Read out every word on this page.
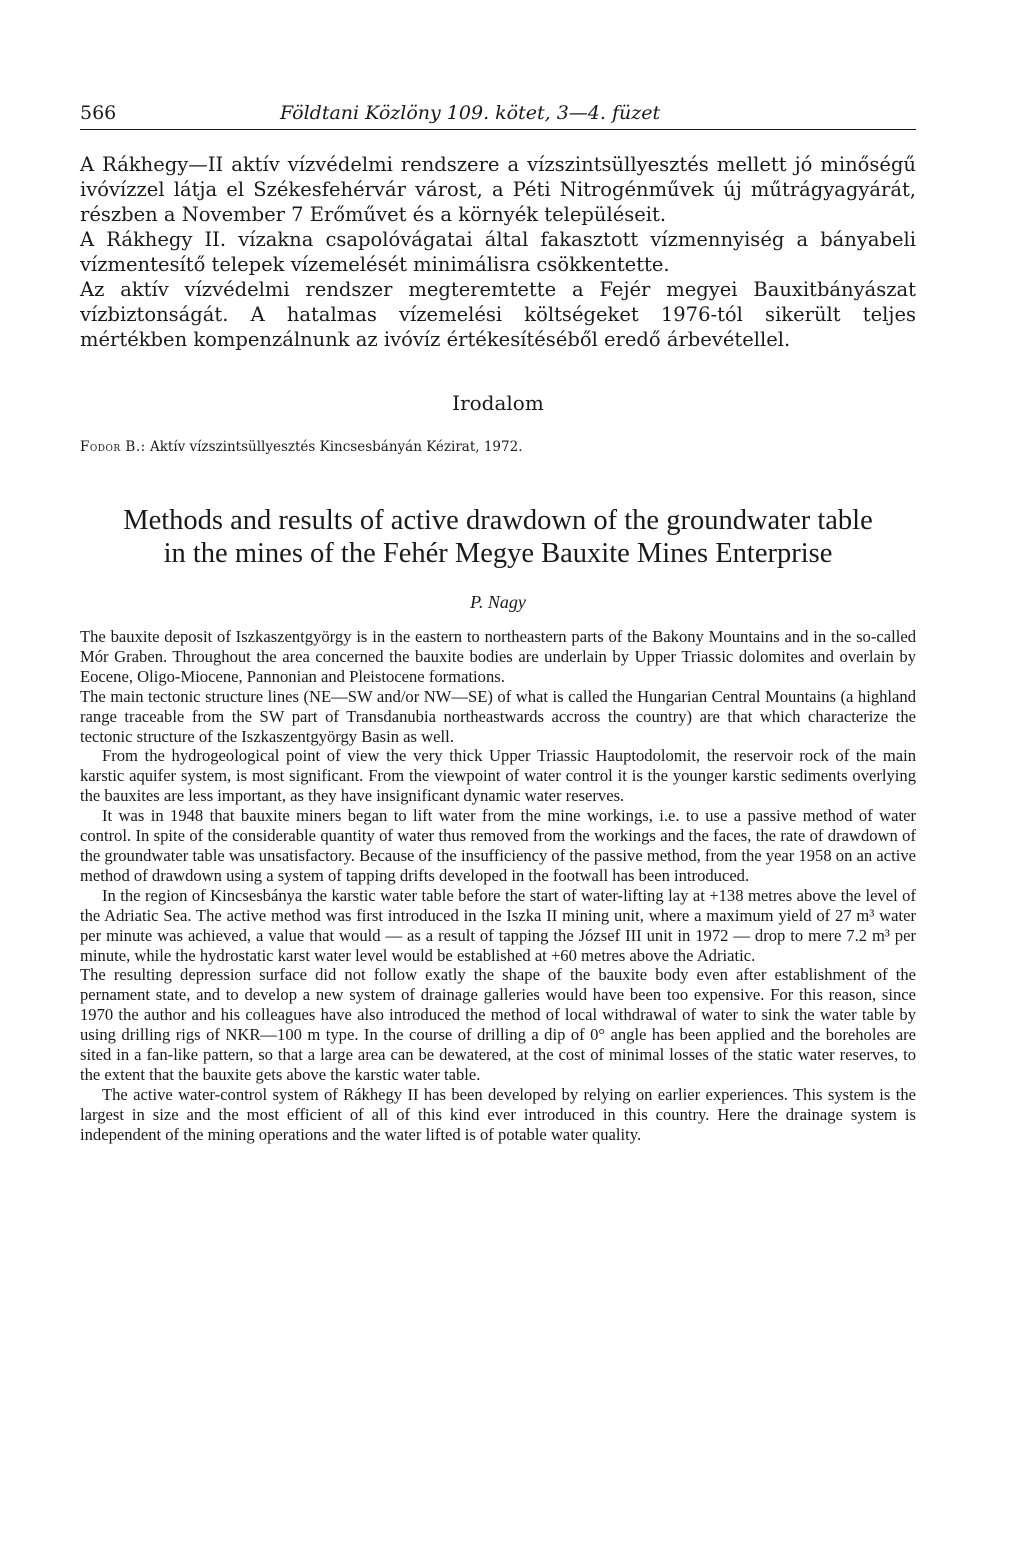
566	Földtani Közlöny 109. kötet, 3—4. füzet

A Rákhegy—II aktív vízvédelmi rendszere a vízszintsüllyesztés mellett jó minőségű ivóvízzel látja el Székesfehérvár várost, a Péti Nitrogénművek új műtrágyagyárát, részben a November 7 Erőművet és a környék településeit.

A Rákhegy II. vízakna csapolóvágatai által fakasztott vízmennyiség a bányabeli vízmentesítő telepek vízemelését minimálisra csökkentette.

Az aktív vízvédelmi rendszer megteremtette a Fejér megyei Bauxitbányászat vízbiztonságát. A hatalmas vízemelési költségeket 1976-tól sikerült teljes mértékben kompenzálnunk az ivóvíz értékesítéséből eredő árbevétellel.

Irodalom
Fodor B.: Aktív vízszintsüllyesztés Kincsesbányán Kézirat, 1972.
Methods and results of active drawdown of the groundwater table
in the mines of the Fehér Megye Bauxite Mines Enterprise
P. Nagy

The bauxite deposit of Iszkaszentgyörgy is in the eastern to northeastern parts of the Bakony Mountains and in the so-called Mór Graben. Throughout the area concerned the bauxite bodies are underlain by Upper Triassic dolomites and overlain by Eocene, Oligo-Miocene, Pannonian and Pleistocene formations.

The main tectonic structure lines (NE—SW and/or NW—SE) of what is called the Hungarian Central Mountains (a highland range traceable from the SW part of Transdanubia northeastwards accross the country) are that which characterize the tectonic structure of the Iszkaszentgyörgy Basin as well.

From the hydrogeological point of view the very thick Upper Triassic Hauptodolomit, the reservoir rock of the main karstic aquifer system, is most significant. From the viewpoint of water control it is the younger karstic sediments overlying the bauxites are less important, as they have insignificant dynamic water reserves.

It was in 1948 that bauxite miners began to lift water from the mine workings, i.e. to use a passive method of water control. In spite of the considerable quantity of water thus removed from the workings and the faces, the rate of drawdown of the groundwater table was unsatisfactory. Because of the insufficiency of the passive method, from the year 1958 on an active method of drawdown using a system of tapping drifts developed in the footwall has been introduced.

In the region of Kincsesbánya the karstic water table before the start of water-lifting lay at +138 metres above the level of the Adriatic Sea. The active method was first introduced in the Iszka II mining unit, where a maximum yield of 27 m³ water per minute was achieved, a value that would — as a result of tapping the József III unit in 1972 — drop to mere 7.2 m³ per minute, while the hydrostatic karst water level would be established at +60 metres above the Adriatic.

The resulting depression surface did not follow exatly the shape of the bauxite body even after establishment of the pernament state, and to develop a new system of drainage galleries would have been too expensive. For this reason, since 1970 the author and his colleagues have also introduced the method of local withdrawal of water to sink the water table by using drilling rigs of NKR—100 m type. In the course of drilling a dip of 0° angle has been applied and the boreholes are sited in a fan-like pattern, so that a large area can be dewatered, at the cost of minimal losses of the static water reserves, to the extent that the bauxite gets above the karstic water table.

The active water-control system of Rákhegy II has been developed by relying on earlier experiences. This system is the largest in size and the most efficient of all of this kind ever introduced in this country. Here the drainage system is independent of the mining operations and the water lifted is of potable water quality.
